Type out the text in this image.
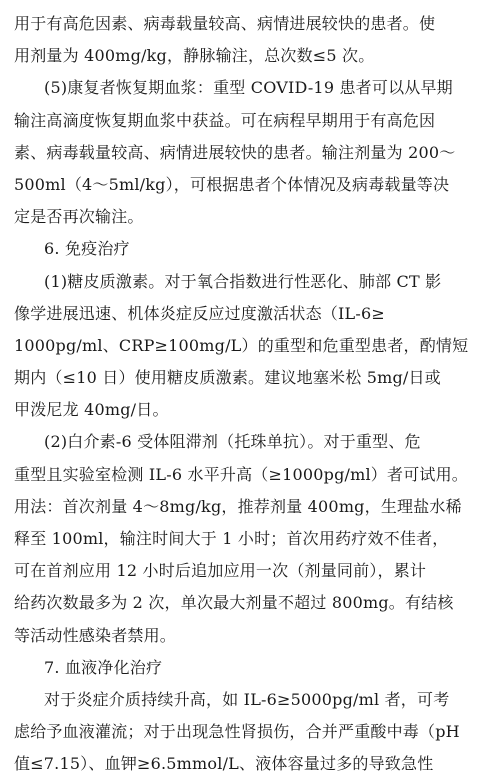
用于有高危因素、病毒载量较高、病情进展较快的患者。使
用剂量为 400mg/kg，静脉输注，总次数≤5 次。
(5)康复者恢复期血浆：重型 COVID-19 患者可以从早期
输注高滴度恢复期血浆中获益。可在病程早期用于有高危因
素、病毒载量较高、病情进展较快的患者。输注剂量为 200～
500ml（4～5ml/kg），可根据患者个体情况及病毒载量等决
定是否再次输注。
6. 免疫治疗
(1)糖皮质激素。对于氧合指数进行性恶化、肺部 CT 影
像学进展迅速、机体炎症反应过度激活状态（IL-6≥
1000pg/ml、CRP≥100mg/L）的重型和危重型患者，酌情短
期内（≤10 日）使用糖皮质激素。建议地塞米松 5mg/日或
甲泼尼龙 40mg/日。
(2)白介素-6 受体阻滞剂（托珠单抗）。对于重型、危
重型且实验室检测 IL-6 水平升高（≥1000pg/ml）者可试用。
用法：首次剂量 4～8mg/kg，推荐剂量 400mg，生理盐水稀
释至 100ml，输注时间大于 1 小时；首次用药疗效不佳者，
可在首剂应用 12 小时后追加应用一次（剂量同前），累计
给药次数最多为 2 次，单次最大剂量不超过 800mg。有结核
等活动性感染者禁用。
7. 血液净化治疗
对于炎症介质持续升高，如 IL-6≥5000pg/ml 者，可考
虑给予血液灌流；对于出现急性肾损伤，合并严重酸中毒（pH
值≤7.15）、血钾≥6.5mmol/L、液体容量过多的导致急性
